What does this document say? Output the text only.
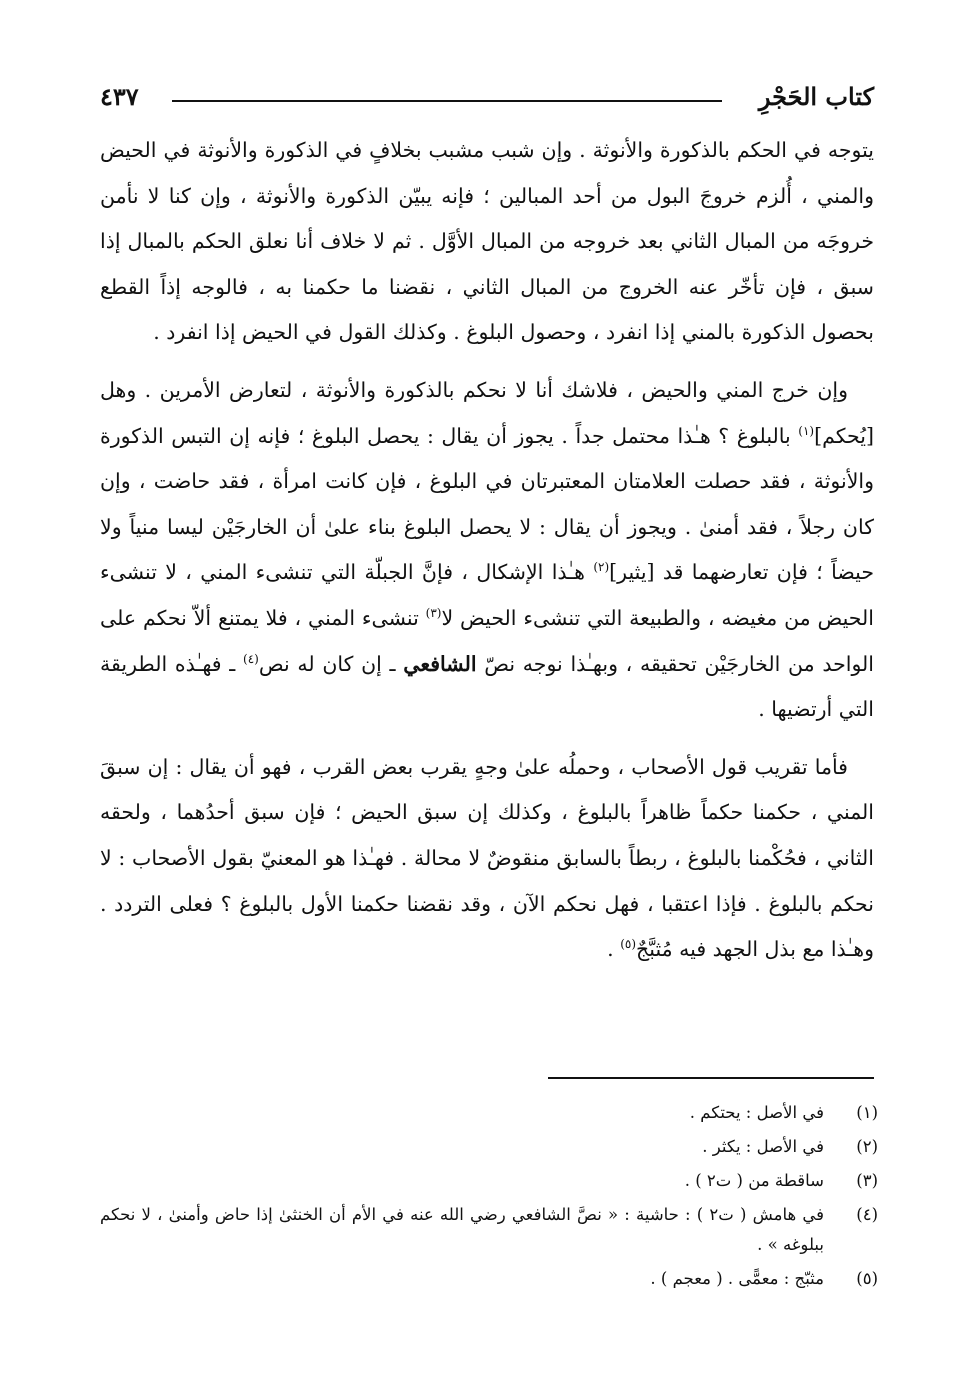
كتاب الحَجْرِ
٤٣٧

يتوجه في الحكم بالذكورة والأنوثة . وإن شبب مشبب بخلافٍ في الذكورة والأنوثة في الحيض والمني ، أُلزم خروجَ البول من أحد المبالين ؛ فإنه يبيّن الذكورة والأنوثة ، وإن كنا لا نأمن خروجَه من المبال الثاني بعد خروجه من المبال الأوَّل . ثم لا خلاف أنا نعلق الحكم بالمبال إذا سبق ، فإن تأخّر عنه الخروج من المبال الثاني ، نقضنا ما حكمنا به ، فالوجه إذاً القطع بحصول الذكورة بالمني إذا انفرد ، وحصول البلوغ . وكذلك القول في الحيض إذا انفرد .

وإن خرج المني والحيض ، فلاشك أنا لا نحكم بالذكورة والأنوثة ، لتعارض الأمرين . وهل [يُحكم]$^{(١)}$ بالبلوغ ؟ هـٰذا محتمل جداً . يجوز أن يقال : يحصل البلوغ ؛ فإنه إن التبس الذكورة والأنوثة ، فقد حصلت العلامتان المعتبرتان في البلوغ ، فإن كانت امرأة ، فقد حاضت ، وإن كان رجلاً ، فقد أمنىٰ . ويجوز أن يقال : لا يحصل البلوغ بناء علىٰ أن الخارجَيْن ليسا منياً ولا حيضاً ؛ فإن تعارضهما قد [يثير]$^{(٢)}$ هـٰذا الإشكال ، فإنَّ الجبلّة التي تنشىء المني ، لا تنشىء الحيض من مغيضه ، والطبيعة التي تنشىء الحيض لا$^{(٣)}$ تنشىء المني ، فلا يمتنع ألاّ نحكم على الواحد من الخارجَيْن تحقيقه ، وبهـٰذا نوجه نصّ الشافعي ـ إن كان له نص$^{(٤)}$ ـ فهـٰذه الطريقة التي أرتضيها .

فأما تقريب قول الأصحاب ، وحملُه علىٰ وجهٍ يقرب بعض القرب ، فهو أن يقال : إن سبقَ المني ، حكمنا حكماً ظاهراً بالبلوغ ، وكذلك إن سبق الحيض ؛ فإن سبق أحدُهما ، ولحقه الثاني ، فحُكْمنا بالبلوغ ، ربطاً بالسابق منقوضٌ لا محالة . فهـٰذا هو المعنيّ بقول الأصحاب : لا نحكم بالبلوغ . فإذا اعتقبا ، فهل نحكم الآن ، وقد نقضنا حكمنا الأول بالبلوغ ؟ فعلى التردد . وهـٰذا مع بذل الجهد فيه مُثبَّجٌ$^{(٥)}$ .

(١)
في الأصل : يحتكم .
(٢)
في الأصل : يكثر .
(٣)
ساقطة من ( ت٢ ) .
(٤)
في هامش ( ت٢ ) : حاشية : « نصَّ الشافعي رضي الله عنه في الأم أن الخنثىٰ إذا حاض وأمنىٰ ، لا نحكم ببلوغه » .
(٥)
مثبّج : معمًّى . ( معجم ) .
